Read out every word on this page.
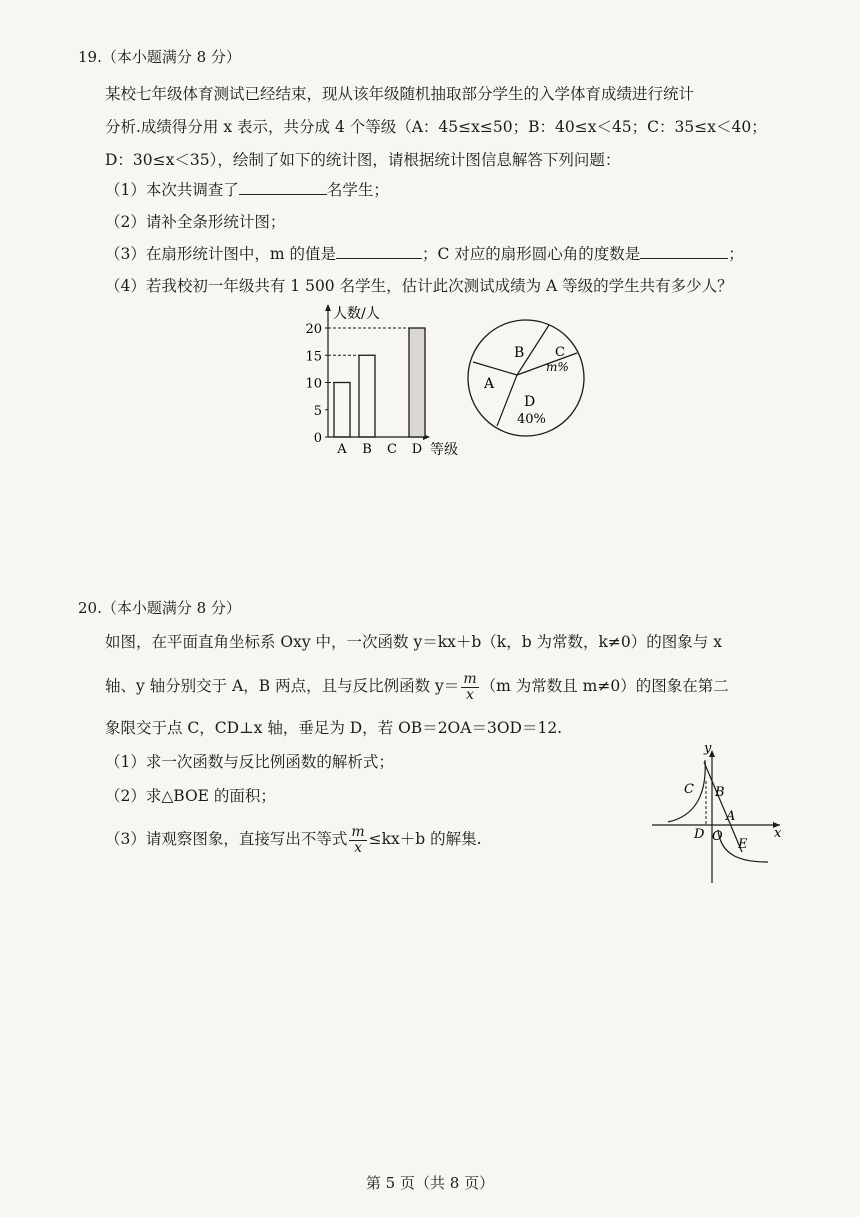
19.（本小题满分 8 分）
某校七年级体育测试已经结束，现从该年级随机抽取部分学生的入学体育成绩进行统计
分析.成绩得分用 x 表示，共分成 4 个等级（A：45≤x≤50；B：40≤x＜45；C：35≤x＜40；
D：30≤x＜35），绘制了如下的统计图，请根据统计图信息解答下列问题：
（1）本次共调查了	名学生；
（2）请补全条形统计图；
（3）在扇形统计图中，m 的值是	；C 对应的扇形圆心角的度数是	；
（4）若我校初一年级共有 1 500 名学生，估计此次测试成绩为 A 等级的学生共有多少人？
人数/人
等级
0
5
10
15
20
A B C D
B
A
C
m%
D
40%
20.（本小题满分 8 分）
如图，在平面直角坐标系 Oxy 中，一次函数 y＝kx＋b（k，b 为常数，k≠0）的图象与 x
轴、y 轴分别交于 A，B 两点，且与反比例函数 $y= \frac{m}{x} (m$ 为常数且 m≠0）的图象在第二
象限交于点 C，CD⊥x 轴，垂足为 D，若 OB＝2OA＝3OD＝12.
（1）求一次函数与反比例函数的解析式；
（2）求△BOE 的面积；
（3）请观察图象，直接写出不等式 $\frac{m}{x} \le kx+b$ 的解集.
y
x
C B
A
D O
E
第 5 页（共 8 页）
